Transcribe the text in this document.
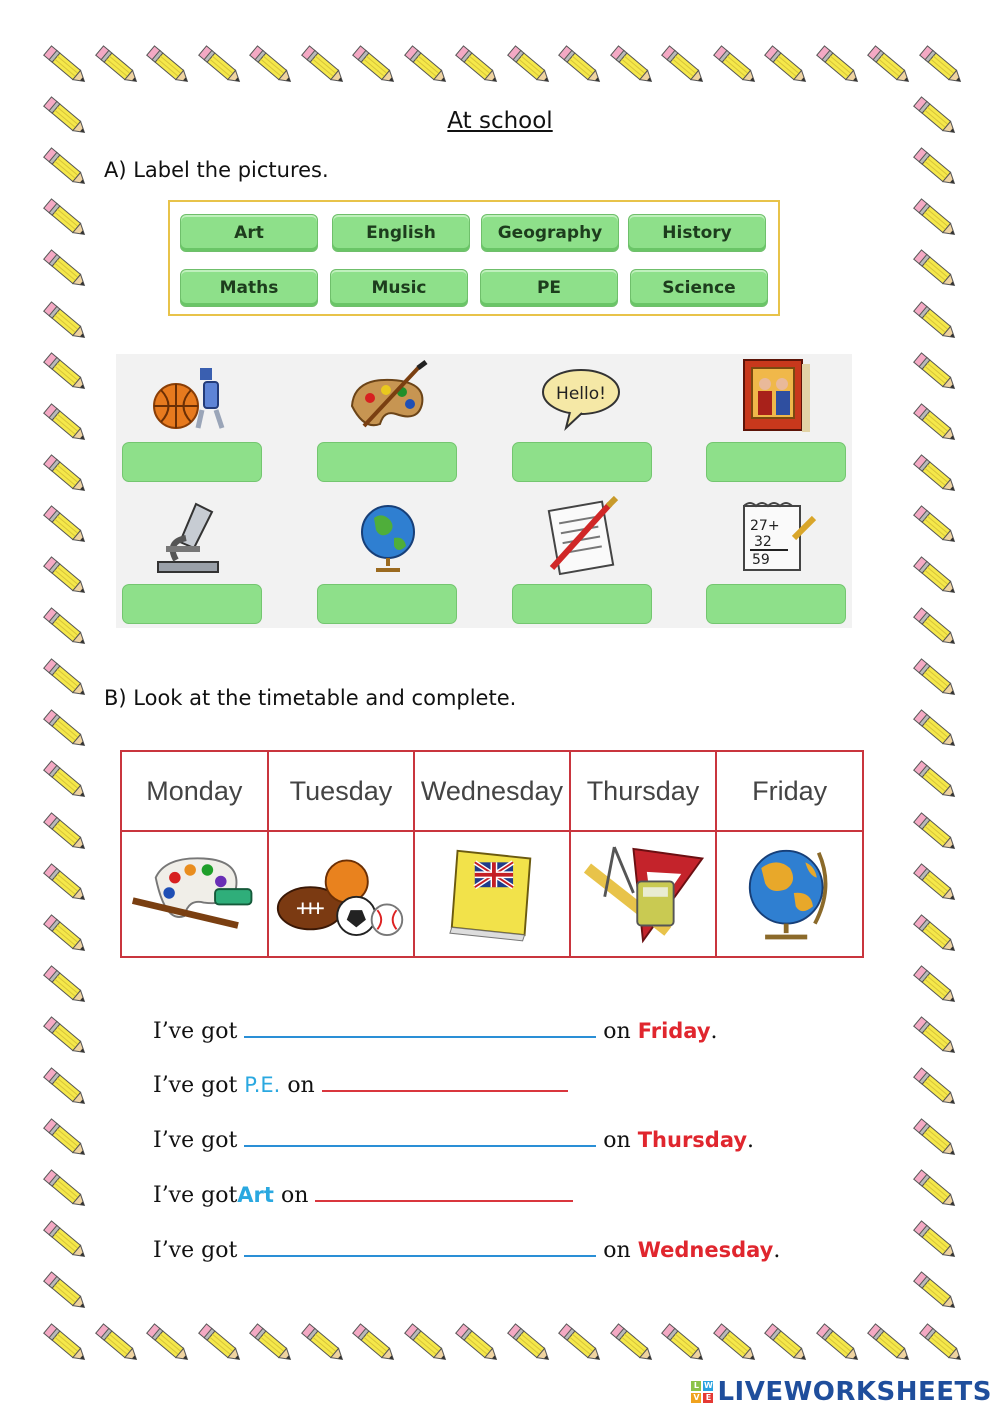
At school
A) Label the pictures.
Art	English	Geography	History
Maths	Music	PE	Science
Hello!
27+
32
59
B) Look at the timetable and complete.
Monday	Tuesday	Wednesday	Thursday	Friday

I’ve got	on Friday.
I’ve got P.E. on
I’ve got	on Thursday.
I’ve gotArt on
I’ve got	on Wednesday.
L W
V E LIVEWORKSHEETS
